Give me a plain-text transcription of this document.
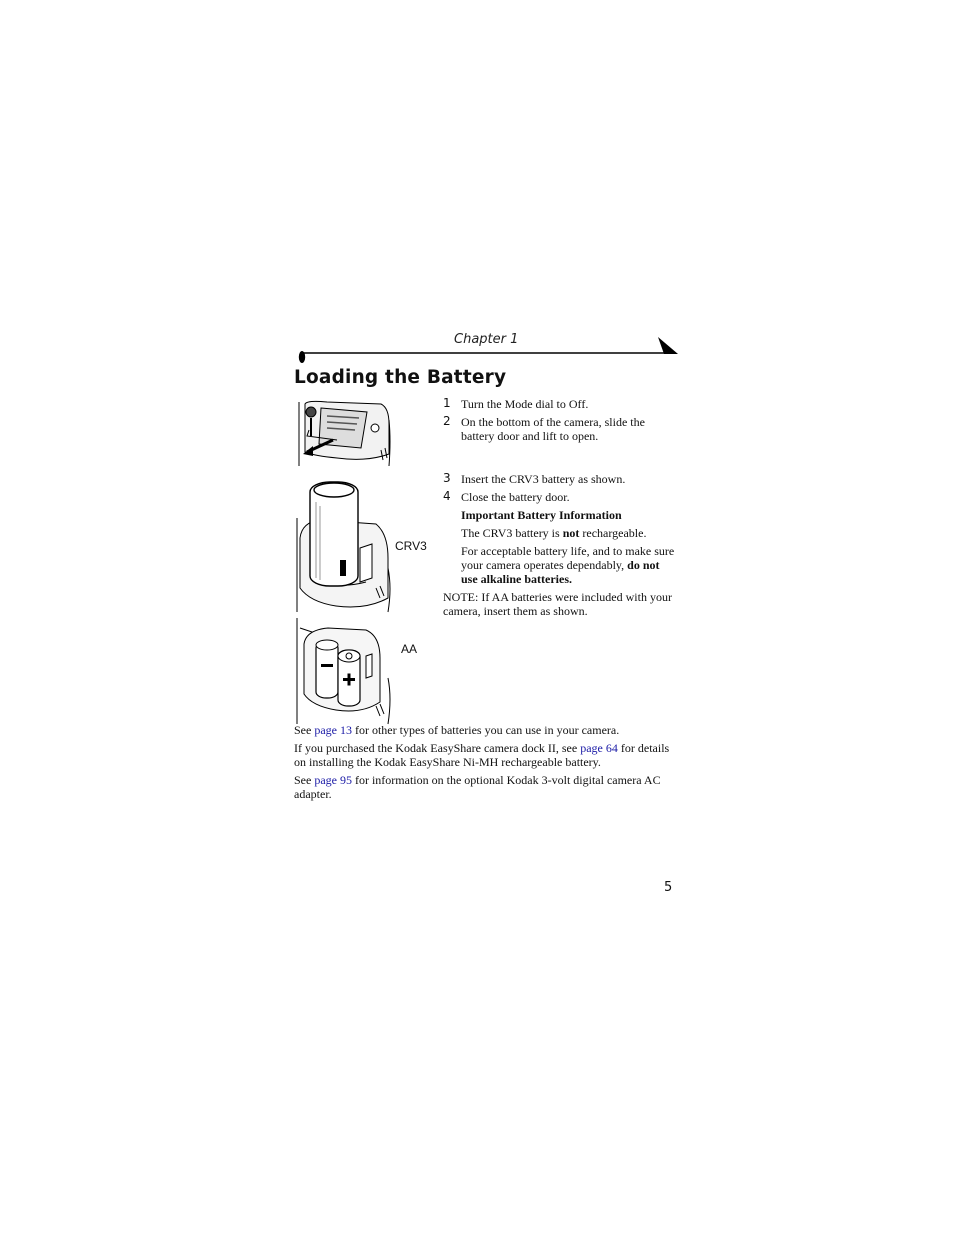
Chapter 1
Loading the Battery
CRV3
AA
1 Turn the Mode dial to Off.
2 On the bottom of the camera, slide the battery door and lift to open.
3 Insert the CRV3 battery as shown.
4 Close the battery door.
Important Battery Information
The CRV3 battery is not rechargeable.
For acceptable battery life, and to make sure your camera operates dependably, do not use alkaline batteries.
NOTE: If AA batteries were included with your camera, insert them as shown.
See page 13 for other types of batteries you can use in your camera.
If you purchased the Kodak EasyShare camera dock II, see page 64 for details on installing the Kodak EasyShare Ni-MH rechargeable battery.
See page 95 for information on the optional Kodak 3-volt digital camera AC adapter.
5
